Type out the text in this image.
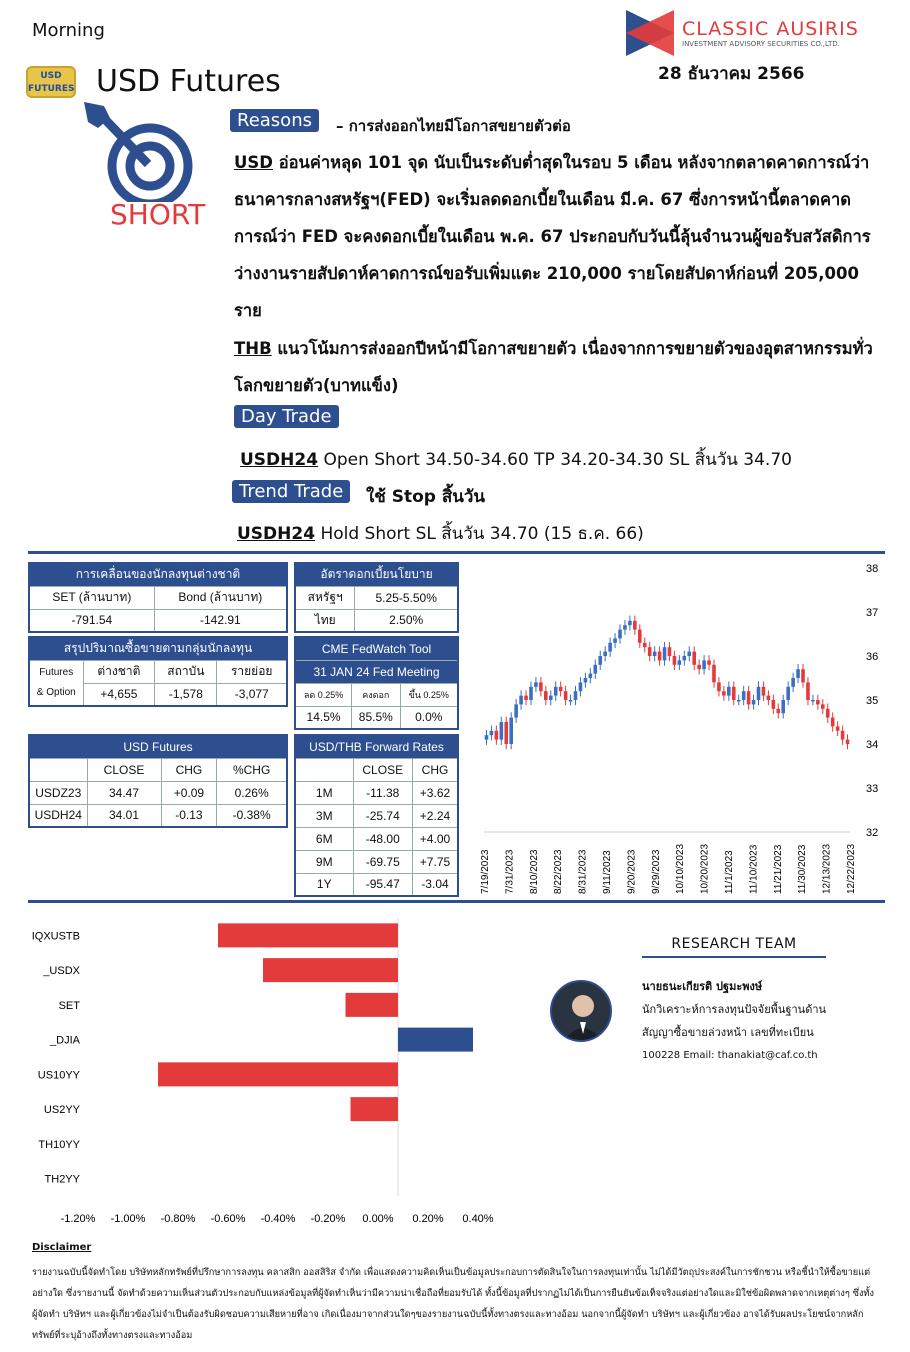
Morning
USD FUTURES USD Futures
CLASSIC AUSIRIS
INVESTMENT ADVISORY SECURITIES CO.,LTD.
28 ธันวาคม 2566
SHORT
Reasons	– การส่งออกไทยมีโอกาสขยายตัวต่อ
USD อ่อนค่าหลุด 101 จุด นับเป็นระดับต่ำสุดในรอบ 5 เดือน หลังจากตลาดคาดการณ์ว่า ธนาคารกลางสหรัฐฯ(FED) จะเริ่มลดดอกเบี้ยในเดือน มี.ค. 67 ซึ่งการหน้านี้ตลาดคาดการณ์ว่า FED จะคงดอกเบี้ยในเดือน พ.ค. 67 ประกอบกับวันนี้ลุ้นจำนวนผู้ขอรับสวัสดิการว่างงานรายสัปดาห์คาดการณ์ขอรับเพิ่มแตะ 210,000 รายโดยสัปดาห์ก่อนที่ 205,000 ราย
THB แนวโน้มการส่งออกปีหน้ามีโอกาสขยายตัว เนื่องจากการขยายตัวของอุตสาหกรรมทั่วโลกขยายตัว(บาทแข็ง)
Day Trade
USDH24 Open Short 34.50-34.60 TP 34.20-34.30 SL สิ้นวัน 34.70
Trend Trade	ใช้ Stop สิ้นวัน
USDH24 Hold Short SL สิ้นวัน 34.70 (15 ธ.ค. 66)
การเคลื่อนของนักลงทุนต่างชาติ	
SET (ล้านบาท)	Bond (ล้านบาท)
-791.54	-142.91
อัตราดอกเบี้ยนโยบาย	
สหรัฐฯ	5.25-5.50%
ไทย	2.50%
สรุปปริมาณซื้อขายตามกลุ่มนักลงทุน			
Futures
& Option	ต่างชาติ	สถาบัน	รายย่อย
	+4,655	-1,578	-3,077
CME FedWatch Tool		
31 JAN 24 Fed Meeting		
ลด 0.25%	คงดอก	ขึ้น 0.25%
14.5%	85.5%	0.0%
USD Futures			
	CLOSE	CHG	%CHG
USDZ23	34.47	+0.09	0.26%
USDH24	34.01	-0.13	-0.38%
USD/THB Forward Rates		
	CLOSE	CHG
1M	-11.38	+3.62
3M	-25.74	+2.24
6M	-48.00	+4.00
9M	-69.75	+7.75
1Y	-95.47	-3.04
32
33
34
35
36
37
38
7/19/2023 7/31/2023 8/10/2023 8/22/2023 8/31/2023 9/11/2023 9/20/2023 9/29/2023 10/10/2023 10/20/2023 11/1/2023 11/10/2023 11/21/2023 11/30/2023 12/13/2023 12/22/2023
IQXUSTB
_USDX
SET
_DJIA
US10YY
US2YY
TH10YY
TH2YY
-1.20% -1.00% -0.80% -0.60% -0.40% -0.20% 0.00% 0.20% 0.40%
RESEARCH TEAM
นายธนะเกียรติ ปฐมะพงษ์
นักวิเคราะห์การลงทุนปัจจัยพื้นฐานด้าน
สัญญาซื้อขายล่วงหน้า เลขที่ทะเบียน
100228 Email: thanakiat@caf.co.th
Disclaimer
รายงานฉบับนี้จัดทำโดย บริษัทหลักทรัพย์ที่ปรึกษาการลงทุน คลาสสิก ออสสิริส จำกัด เพื่อแสดงความคิดเห็นเป็นข้อมูลประกอบการตัดสินใจในการลงทุนเท่านั้น ไม่ได้มีวัตถุประสงค์ในการชักชวน หรือชี้นำให้ซื้อขายแต่อย่างใด ซึ่งรายงานนี้ จัดทำด้วยความเห็นส่วนตัวประกอบกับแหล่งข้อมูลที่ผู้จัดทำเห็นว่ามีความน่าเชื่อถือที่ยอมรับได้ ทั้งนี้ข้อมูลที่ปรากฏไม่ได้เป็นการยืนยันข้อเท็จจริงแต่อย่างใดและมิใช่ข้อผิดพลาดจากเหตุต่างๆ ซึ่งทั้งผู้จัดทำ บริษัทฯ และผู้เกี่ยวข้องไม่จำเป็นต้องรับผิดชอบความเสียหายที่อาจ เกิดเนื่องมาจากส่วนใดๆของรายงานฉบับนี้ทั้งทางตรงและทางอ้อม นอกจากนี้ผู้จัดทำ บริษัทฯ และผู้เกี่ยวข้อง อาจได้รับผลประโยชน์จากหลักทรัพย์ที่ระบุอ้างถึงทั้งทางตรงและทางอ้อม
